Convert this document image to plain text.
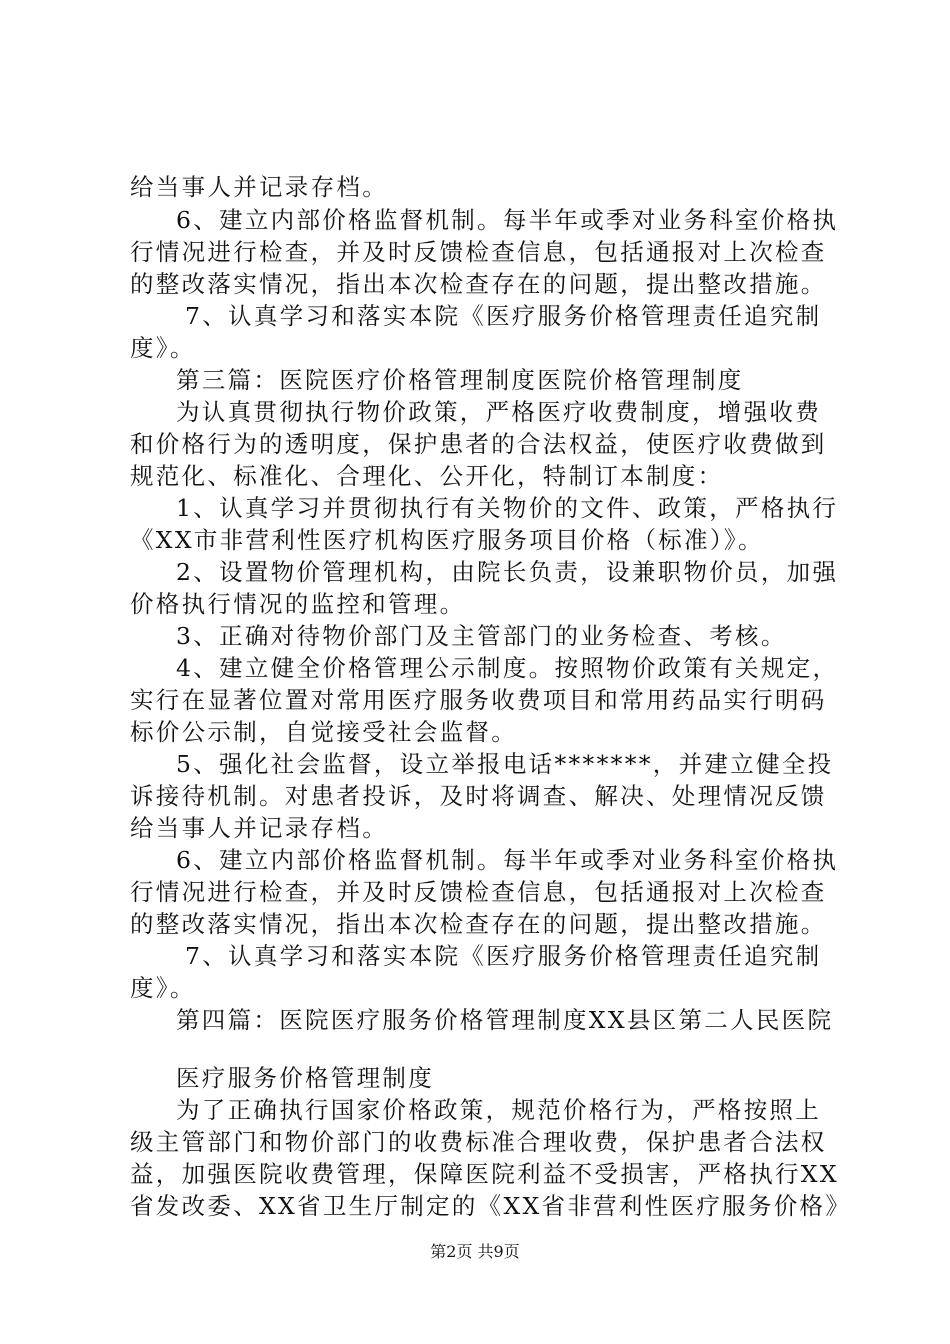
给当事人并记录存档。
6、建立内部价格监督机制。每半年或季对业务科室价格执
行情况进行检查，并及时反馈检查信息，包括通报对上次检查
的整改落实情况，指出本次检查存在的问题，提出整改措施。
7、认真学习和落实本院《医疗服务价格管理责任追究制
度》。
第三篇：医院医疗价格管理制度医院价格管理制度
为认真贯彻执行物价政策，严格医疗收费制度，增强收费
和价格行为的透明度，保护患者的合法权益，使医疗收费做到
规范化、标准化、合理化、公开化，特制订本制度：
1、认真学习并贯彻执行有关物价的文件、政策，严格执行
《XX市非营利性医疗机构医疗服务项目价格（标准）》。
2、设置物价管理机构，由院长负责，设兼职物价员，加强
价格执行情况的监控和管理。
3、正确对待物价部门及主管部门的业务检查、考核。
4、建立健全价格管理公示制度。按照物价政策有关规定，
实行在显著位置对常用医疗服务收费项目和常用药品实行明码
标价公示制，自觉接受社会监督。
5、强化社会监督，设立举报电话*******，并建立健全投
诉接待机制。对患者投诉，及时将调查、解决、处理情况反馈
给当事人并记录存档。
6、建立内部价格监督机制。每半年或季对业务科室价格执
行情况进行检查，并及时反馈检查信息，包括通报对上次检查
的整改落实情况，指出本次检查存在的问题，提出整改措施。
7、认真学习和落实本院《医疗服务价格管理责任追究制
度》。
第四篇：医院医疗服务价格管理制度XX县区第二人民医院
医疗服务价格管理制度
为了正确执行国家价格政策，规范价格行为，严格按照上
级主管部门和物价部门的收费标准合理收费，保护患者合法权
益，加强医院收费管理，保障医院利益不受损害，严格执行XX
省发改委、XX省卫生厅制定的《XX省非营利性医疗服务价格》
第2页 共9页
